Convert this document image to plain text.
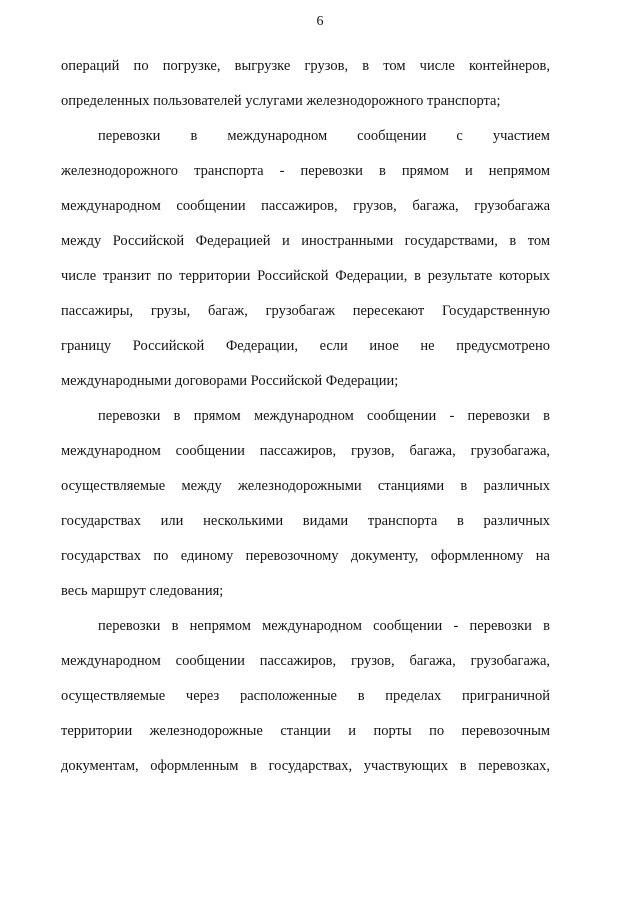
6
операций по погрузке, выгрузке грузов, в том числе контейнеров,
определенных пользователей услугами железнодорожного транспорта;
перевозки в международном сообщении с участием
железнодорожного транспорта - перевозки в прямом и непрямом
международном сообщении пассажиров, грузов, багажа, грузобагажа
между Российской Федерацией и иностранными государствами, в том
числе транзит по территории Российской Федерации, в результате которых
пассажиры, грузы, багаж, грузобагаж пересекают Государственную
границу Российской Федерации, если иное не предусмотрено
международными договорами Российской Федерации;
перевозки в прямом международном сообщении - перевозки в
международном сообщении пассажиров, грузов, багажа, грузобагажа,
осуществляемые между железнодорожными станциями в различных
государствах или несколькими видами транспорта в различных
государствах по единому перевозочному документу, оформленному на
весь маршрут следования;
перевозки в непрямом международном сообщении - перевозки в
международном сообщении пассажиров, грузов, багажа, грузобагажа,
осуществляемые через расположенные в пределах приграничной
территории железнодорожные станции и порты по перевозочным
документам, оформленным в государствах, участвующих в перевозках,
